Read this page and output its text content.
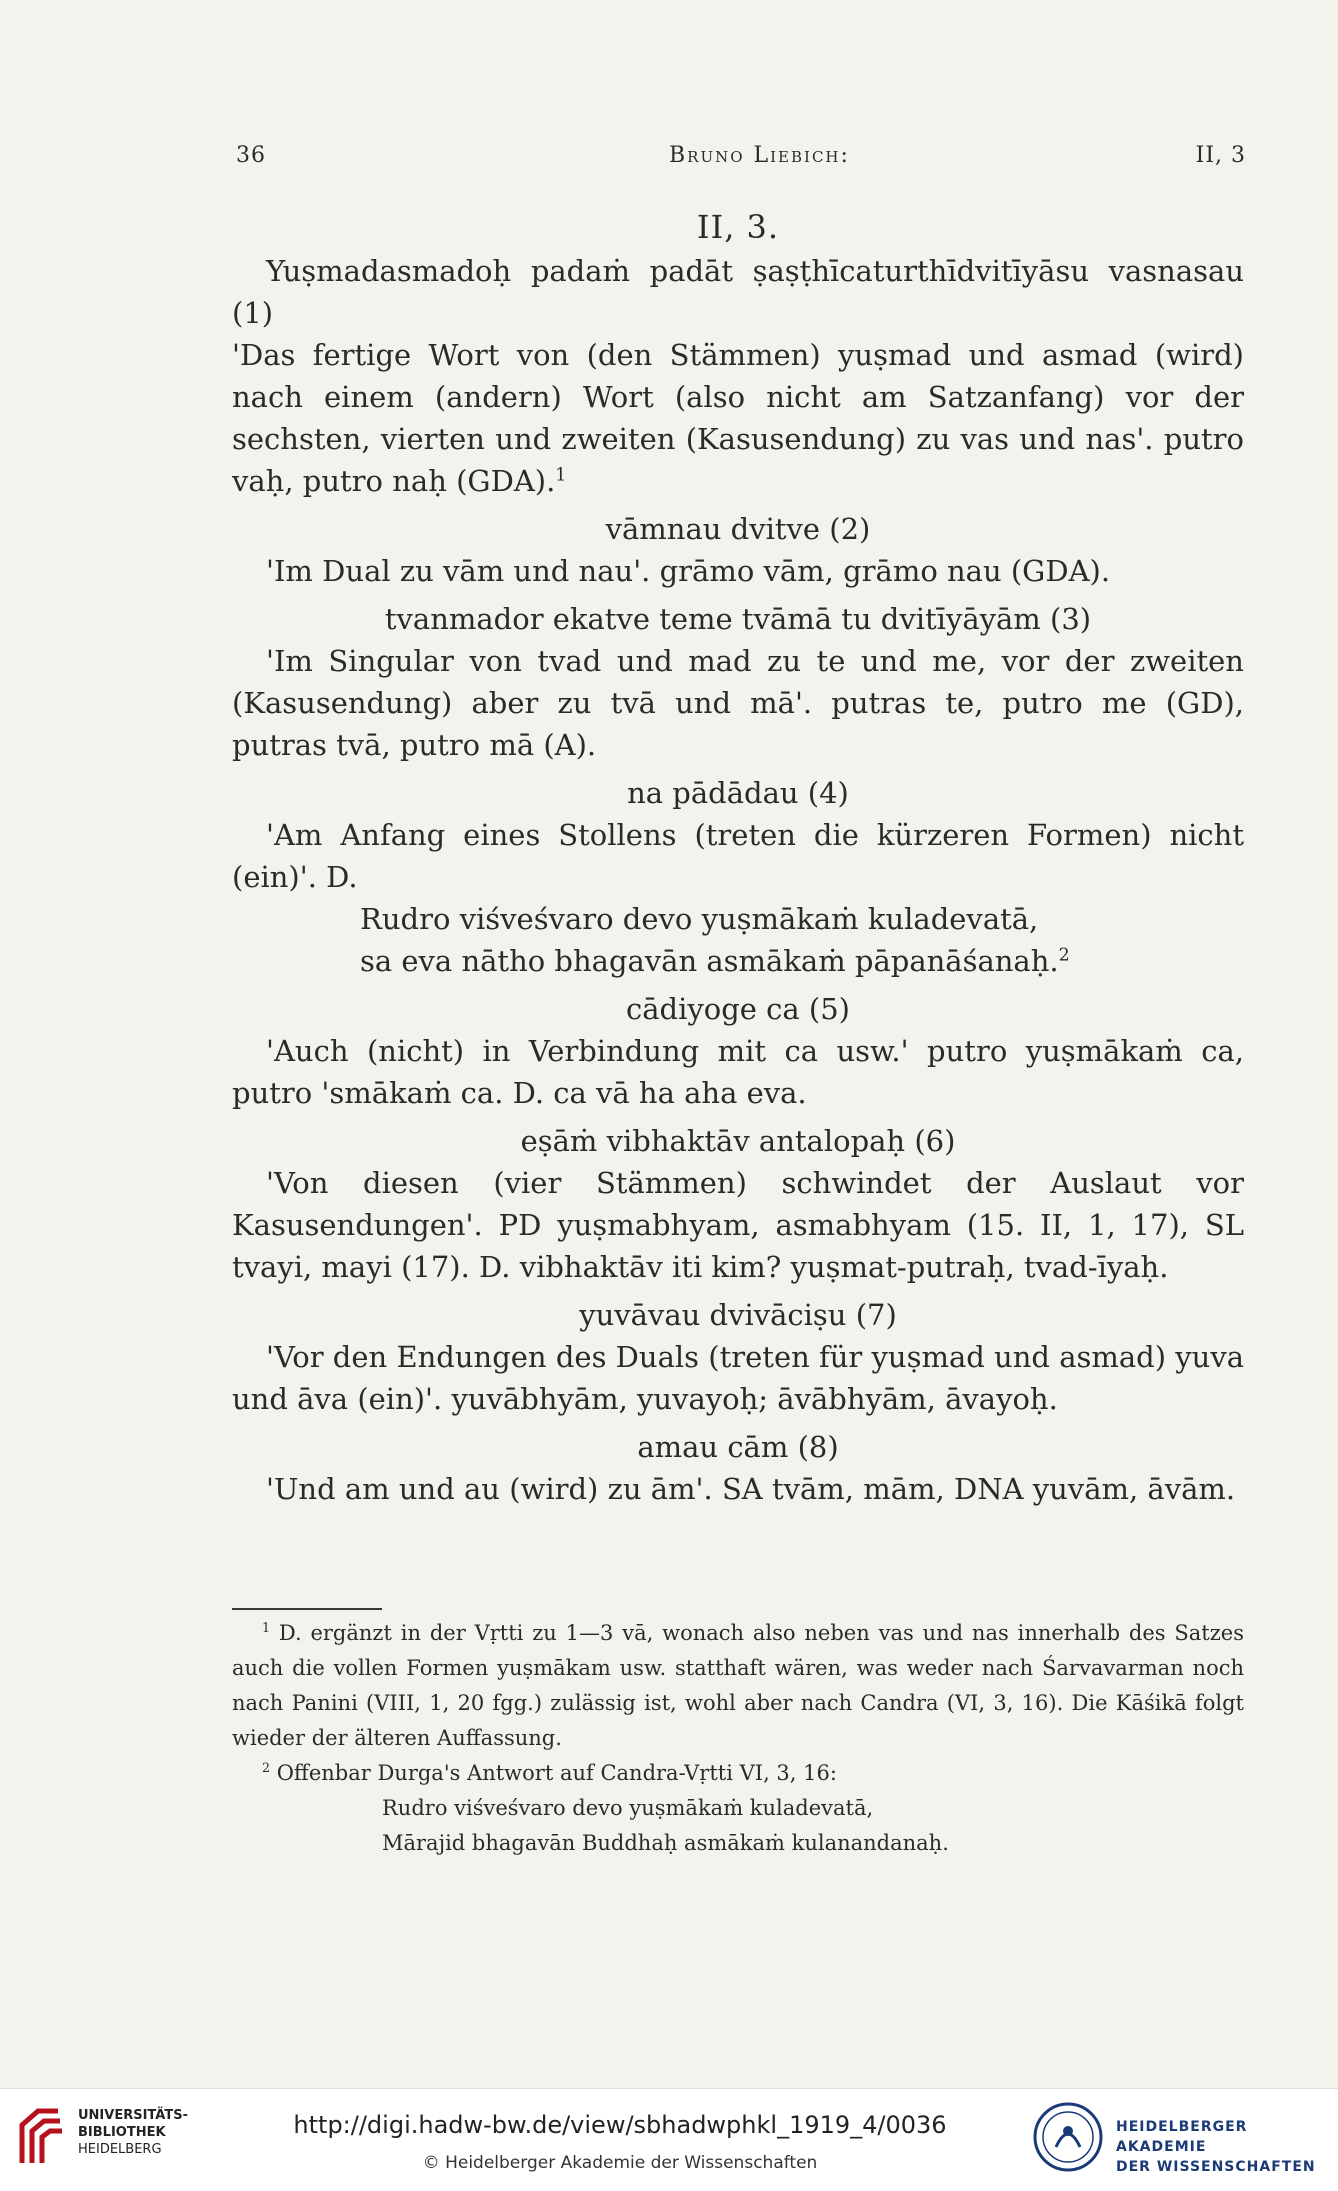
36	Bruno Liebich:	II, 3
II, 3.

Yuṣmadasmadoḥ padaṁ padāt ṣaṣṭhīcaturthīdvitīyāsu vasnasau (1)

'Das fertige Wort von (den Stämmen) yuṣmad und asmad (wird) nach einem (andern) Wort (also nicht am Satzanfang) vor der sechsten, vierten und zweiten (Kasusendung) zu vas und nas'. putro vaḥ, putro naḥ (GDA).$^1$

vāmnau dvitve (2)

'Im Dual zu vām und nau'. grāmo vām, grāmo nau (GDA).

tvanmador ekatve teme tvāmā tu dvitīyāyām (3)

'Im Singular von tvad und mad zu te und me, vor der zweiten (Kasusendung) aber zu tvā und mā'. putras te, putro me (GD), putras tvā, putro mā (A).

na pādādau (4)

'Am Anfang eines Stollens (treten die kürzeren Formen) nicht (ein)'. D.

Rudro viśveśvaro devo yuṣmākaṁ kuladevatā,

sa eva nātho bhagavān asmākaṁ pāpanāśanaḥ.$^2$

cādiyoge ca (5)

'Auch (nicht) in Verbindung mit ca usw.' putro yuṣmākaṁ ca, putro 'smākaṁ ca. D. ca vā ha aha eva.

eṣāṁ vibhaktāv antalopaḥ (6)

'Von diesen (vier Stämmen) schwindet der Auslaut vor Kasusendungen'. PD yuṣmabhyam, asmabhyam (15. II, 1, 17), SL tvayi, mayi (17). D. vibhaktāv iti kim? yuṣmat-putraḥ, tvad-īyaḥ.

yuvāvau dvivāciṣu (7)

'Vor den Endungen des Duals (treten für yuṣmad und asmad) yuva und āva (ein)'. yuvābhyām, yuvayoḥ; āvābhyām, āvayoḥ.

amau cām (8)

'Und am und au (wird) zu ām'. SA tvām, mām, DNA yuvām, āvām.

$^1$ D. ergänzt in der Vṛtti zu 1—3 vā, wonach also neben vas und nas innerhalb des Satzes auch die vollen Formen yuṣmākam usw. statthaft wären, was weder nach Śarvavarman noch nach Panini (VIII, 1, 20 fgg.) zulässig ist, wohl aber nach Candra (VI, 3, 16). Die Kāśikā folgt wieder der älteren Auffassung.

$^2$ Offenbar Durga's Antwort auf Candra-Vṛtti VI, 3, 16:

Rudro viśveśvaro devo yuṣmākaṁ kuladevatā,

Mārajid bhagavān Buddhaḥ asmākaṁ kulanandanaḥ.

UNIVERSITÄTS-
BIBLIOTHEK
HEIDELBERG
http://digi.hadw-bw.de/view/sbhadwphkl_1919_4/0036
© Heidelberger Akademie der Wissenschaften
HEIDELBERGER AKADEMIE
DER WISSENSCHAFTEN
